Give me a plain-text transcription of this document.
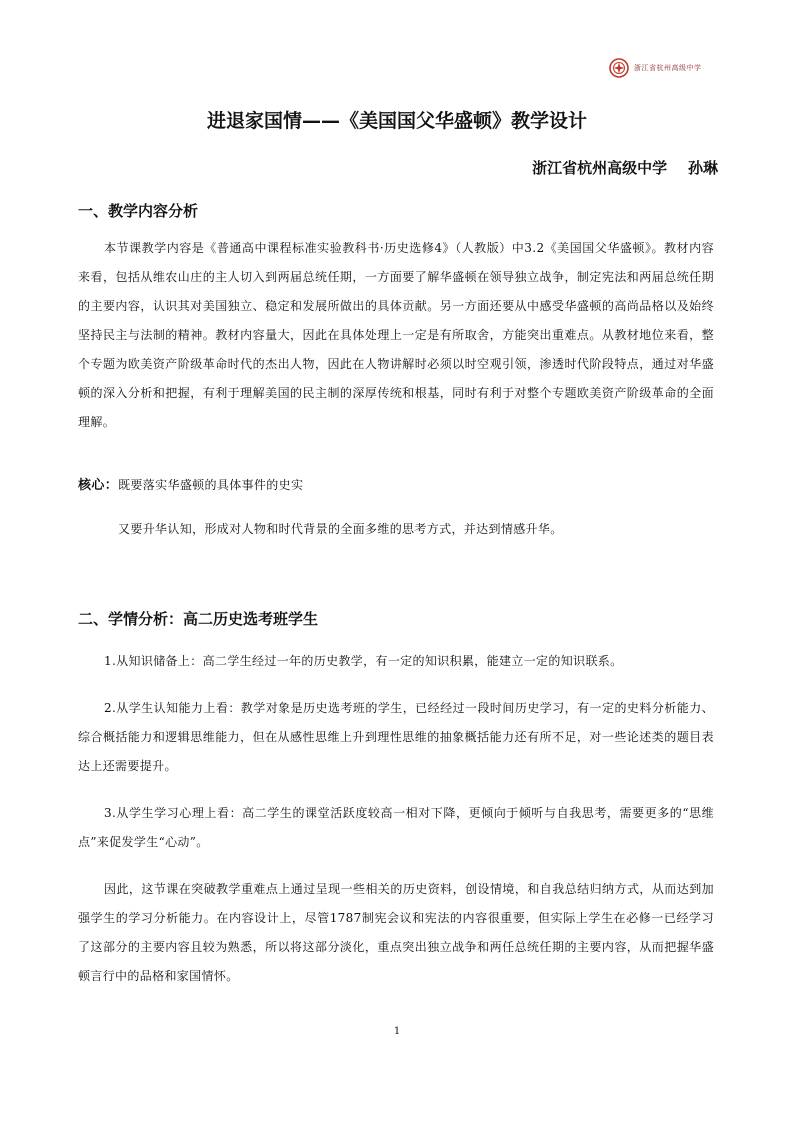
浙江省杭州高级中学
进退家国情——《美国国父华盛顿》教学设计
浙江省杭州高级中学    孙琳
一、教学内容分析

本节课教学内容是《普通高中课程标准实验教科书·历史选修4》（人教版）中3.2《美国国父华盛顿》。教材内容来看，包括从维农山庄的主人切入到两届总统任期，一方面要了解华盛顿在领导独立战争，制定宪法和两届总统任期的主要内容，认识其对美国独立、稳定和发展所做出的具体贡献。另一方面还要从中感受华盛顿的高尚品格以及始终坚持民主与法制的精神。教材内容量大，因此在具体处理上一定是有所取舍，方能突出重难点。从教材地位来看，整个专题为欧美资产阶级革命时代的杰出人物，因此在人物讲解时必须以时空观引领，渗透时代阶段特点，通过对华盛顿的深入分析和把握，有利于理解美国的民主制的深厚传统和根基，同时有利于对整个专题欧美资产阶级革命的全面理解。

核心：既要落实华盛顿的具体事件的史实
又要升华认知，形成对人物和时代背景的全面多维的思考方式，并达到情感升华。
二、学情分析：高二历史选考班学生

1.从知识储备上：高二学生经过一年的历史教学，有一定的知识积累，能建立一定的知识联系。

2.从学生认知能力上看：教学对象是历史选考班的学生，已经经过一段时间历史学习，有一定的史料分析能力、综合概括能力和逻辑思维能力，但在从感性思维上升到理性思维的抽象概括能力还有所不足，对一些论述类的题目表达上还需要提升。

3.从学生学习心理上看：高二学生的课堂活跃度较高一相对下降，更倾向于倾听与自我思考，需要更多的“思维点”来促发学生“心动”。

因此，这节课在突破教学重难点上通过呈现一些相关的历史资料，创设情境，和自我总结归纳方式，从而达到加强学生的学习分析能力。在内容设计上，尽管1787制宪会议和宪法的内容很重要，但实际上学生在必修一已经学习了这部分的主要内容且较为熟悉，所以将这部分淡化，重点突出独立战争和两任总统任期的主要内容，从而把握华盛顿言行中的品格和家国情怀。

1
